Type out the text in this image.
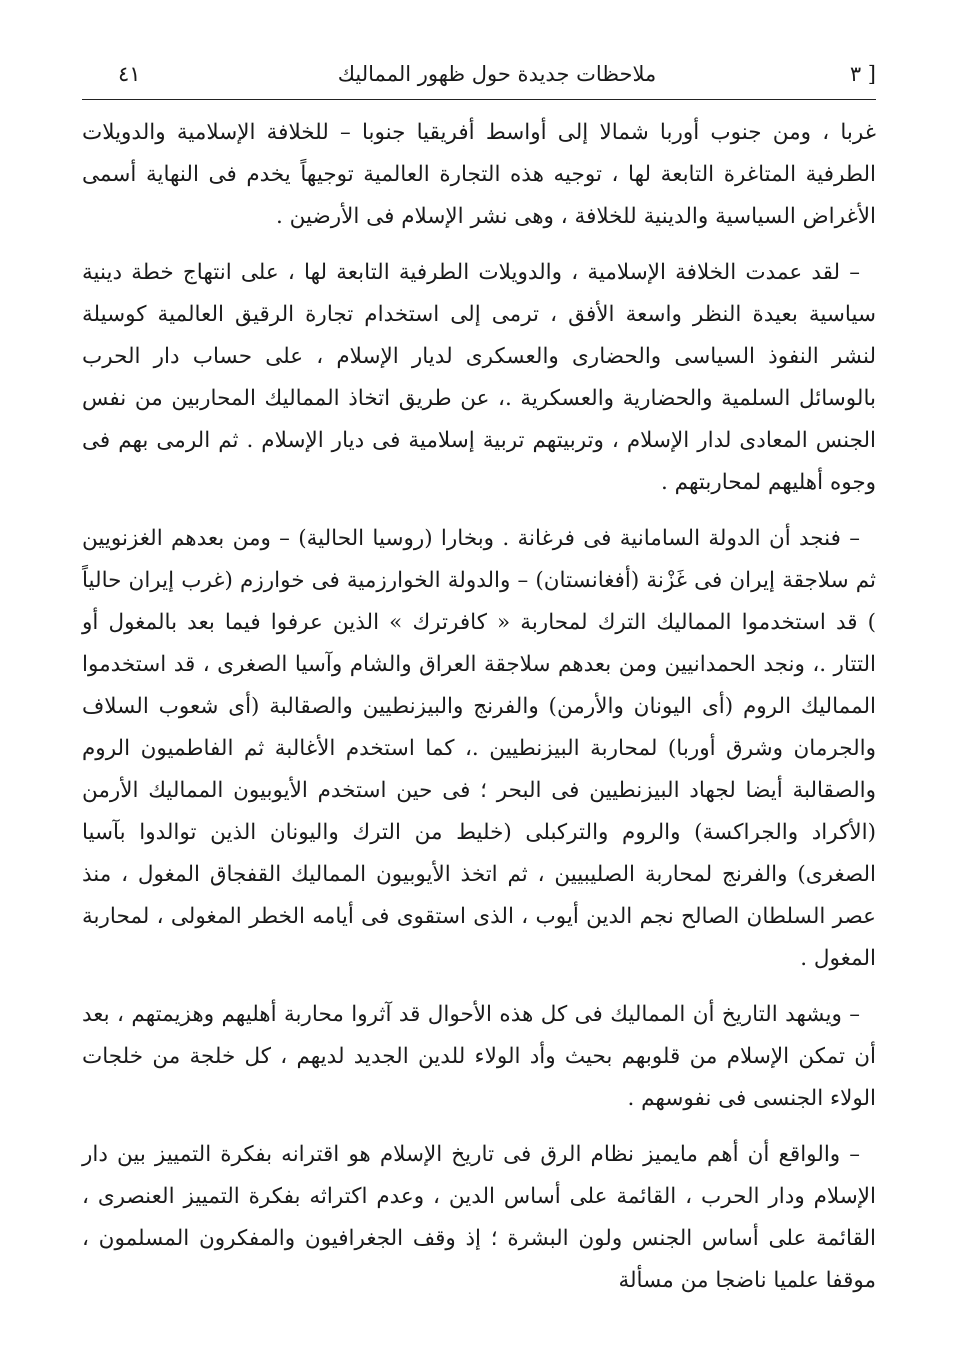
٤١	ملاحظات جديدة حول ظهور المماليك	[ ٣

غربا ، ومن جنوب أوربا شمالا إلى أواسط أفريقيا جنوبا – للخلافة الإسلامية والدويلات الطرفية المتاغرة التابعة لها ، توجيه هذه التجارة العالمية توجيهاً يخدم فى النهاية أسمى الأغراض السياسية والدينية للخلافة ، وهى نشر الإسلام فى الأرضين .

– لقد عمدت الخلافة الإسلامية ، والدويلات الطرفية التابعة لها ، على انتهاج خطة دينية سياسية بعيدة النظر واسعة الأفق ، ترمى إلى استخدام تجارة الرقيق العالمية كوسيلة لنشر النفوذ السياسى والحضارى والعسكرى لديار الإسلام ، على حساب دار الحرب بالوسائل السلمية والحضارية والعسكرية .، عن طريق اتخاذ المماليك المحاربين من نفس الجنس المعادى لدار الإسلام ، وتربيتهم تربية إسلامية فى ديار الإسلام . ثم الرمى بهم فى وجوه أهليهم لمحاربتهم .

– فنجد أن الدولة السامانية فى فرغانة . وبخارا (روسيا الحالية) – ومن بعدهم الغزنويين ثم سلاجقة إيران فى غَزْنة (أفغانستان) – والدولة الخوارزمية فى خوارزم (غرب إيران حالياً ) قد استخدموا المماليك الترك لمحاربة « كافرترك » الذين عرفوا فيما بعد بالمغول أو التتار .، ونجد الحمدانيين ومن بعدهم سلاجقة العراق والشام وآسيا الصغرى ، قد استخدموا المماليك الروم (أى اليونان والأرمن) والفرنج والبيزنطيين والصقالبة (أى شعوب السلاف والجرمان وشرق أوربا) لمحاربة البيزنطيين .، كما استخدم الأغالبة ثم الفاطميون الروم والصقالبة أيضا لجهاد البيزنطيين فى البحر ؛ فى حين استخدم الأيوبيون المماليك الأرمن (الأكراد والجراكسة) والروم والتركبلى (خليط من الترك واليونان الذين توالدوا بآسيا الصغرى) والفرنج لمحاربة الصليبيين ، ثم اتخذ الأيوبيون المماليك القفجاق المغول ، منذ عصر السلطان الصالح نجم الدين أيوب ، الذى استقوى فى أيامه الخطر المغولى ، لمحاربة المغول .

– ويشهد التاريخ أن المماليك فى كل هذه الأحوال قد آثروا محاربة أهليهم وهزيمتهم ، بعد أن تمكن الإسلام من قلوبهم بحيث وأد الولاء للدين الجديد لديهم ، كل خلجة من خلجات الولاء الجنسى فى نفوسهم .

– والواقع أن أهم مايميز نظام الرق فى تاريخ الإسلام هو اقترانه بفكرة التمييز بين دار الإسلام ودار الحرب ، القائمة على أساس الدين ، وعدم اكتراثه بفكرة التمييز العنصرى ، القائمة على أساس الجنس ولون البشرة ؛ إذ وقف الجغرافيون والمفكرون المسلمون ، موقفا علميا ناضجا من مسألة
